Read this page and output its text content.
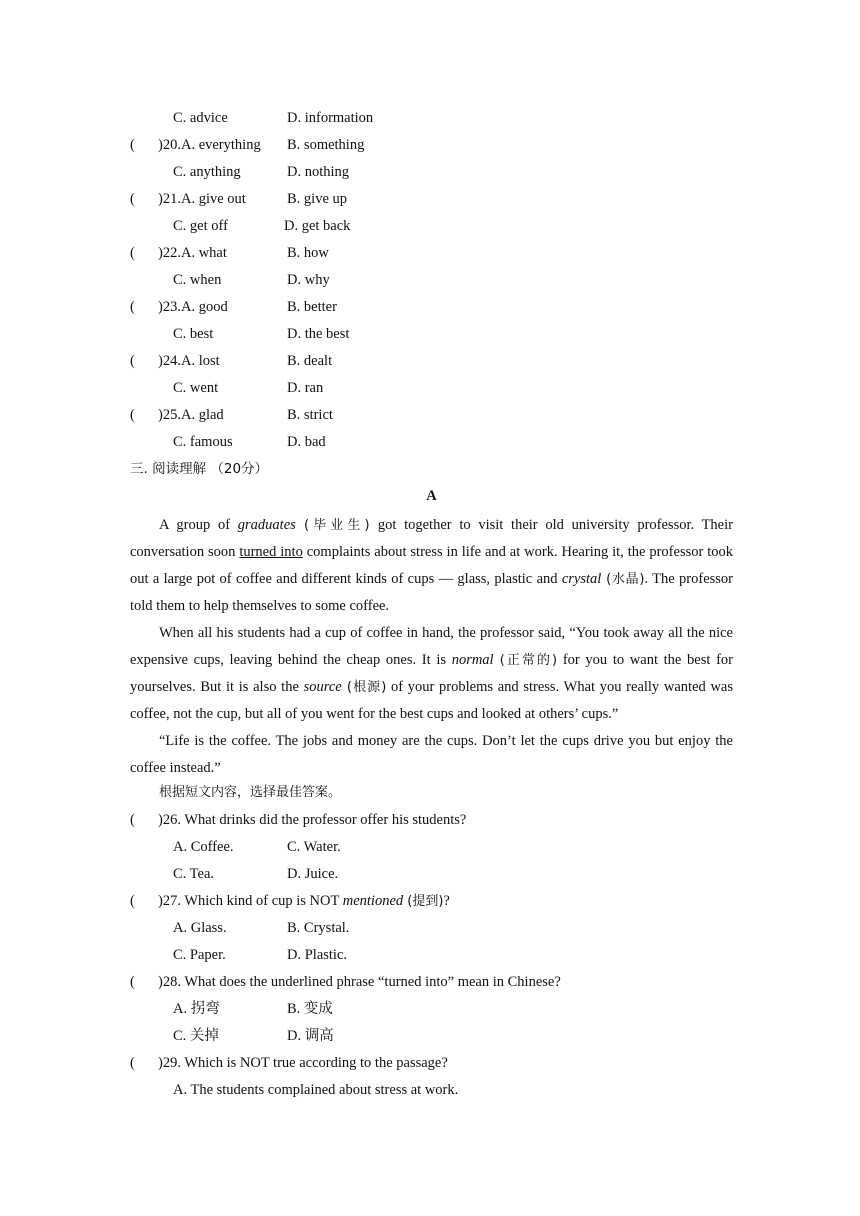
C. advice	D. information
( )20.A. everything B. something
C. anything	D. nothing
( )21.A. give out	B. give up
C. get off	D. get back
( )22.A. what	B. how
C. when	D. why
( )23.A. good	B. better
C. best	D. the best
( )24.A. lost	B. dealt
C. went	D. ran
( )25.A. glad	B. strict
C. famous	D. bad
三. 阅读理解 （20分）
A

A group of graduates (毕业生) got together to visit their old university professor. Their conversation soon turned into complaints about stress in life and at work. Hearing it, the professor took out a large pot of coffee and different kinds of cups — glass, plastic and crystal (水晶). The professor told them to help themselves to some coffee.

When all his students had a cup of coffee in hand, the professor said, “You took away all the nice expensive cups, leaving behind the cheap ones. It is normal (正常的) for you to want the best for yourselves. But it is also the source (根源) of your problems and stress. What you really wanted was coffee, not the cup, but all of you went for the best cups and looked at others’ cups.”

“Life is the coffee. The jobs and money are the cups. Don’t let the cups drive you but enjoy the coffee instead.”

根据短文内容，选择最佳答案。
( )26. What drinks did the professor offer his students?
A. Coffee.	C. Water.
C. Tea.	D. Juice.
( )27. Which kind of cup is NOT mentioned (提到)?
A. Glass.	B. Crystal.
C. Paper.	D. Plastic.
( )28. What does the underlined phrase “turned into” mean in Chinese?
A. 拐弯	B. 变成
C. 关掉	D. 调高
( )29. Which is NOT true according to the passage?
A. The students complained about stress at work.
